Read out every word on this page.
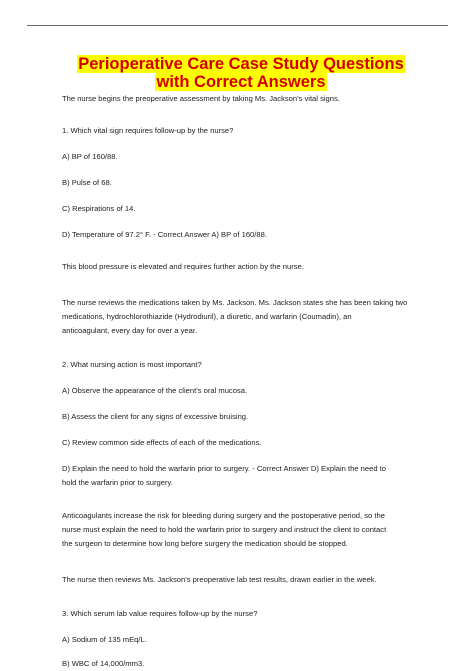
Perioperative Care Case Study Questions
with Correct Answers

The nurse begins the preoperative assessment by taking Ms. Jackson's vital signs.

1. Which vital sign requires follow-up by the nurse?

A) BP of 160/88.

B) Pulse of 68.

C) Respirations of 14.

D) Temperature of 97.2° F. - Correct Answer A) BP of 160/88.

This blood pressure is elevated and requires further action by the nurse.

The nurse reviews the medications taken by Ms. Jackson. Ms. Jackson states she has been taking two

medications, hydrochlorothiazide (Hydrodiuril), a diuretic, and warfarin (Coumadin), an

anticoagulant, every day for over a year.

2. What nursing action is most important?

A) Observe the appearance of the client's oral mucosa.

B) Assess the client for any signs of excessive bruising.

C) Review common side effects of each of the medications.

D) Explain the need to hold the warfarin prior to surgery. - Correct Answer D) Explain the need to

hold the warfarin prior to surgery.

Anticoagulants increase the risk for bleeding during surgery and the postoperative period, so the

nurse must explain the need to hold the warfarin prior to surgery and instruct the client to contact

the surgeon to determine how long before surgery the medication should be stopped.

The nurse then reviews Ms. Jackson's preoperative lab test results, drawn earlier in the week.

3. Which serum lab value requires follow-up by the nurse?

A) Sodium of 135 mEq/L.

B) WBC of 14,000/mm3.
